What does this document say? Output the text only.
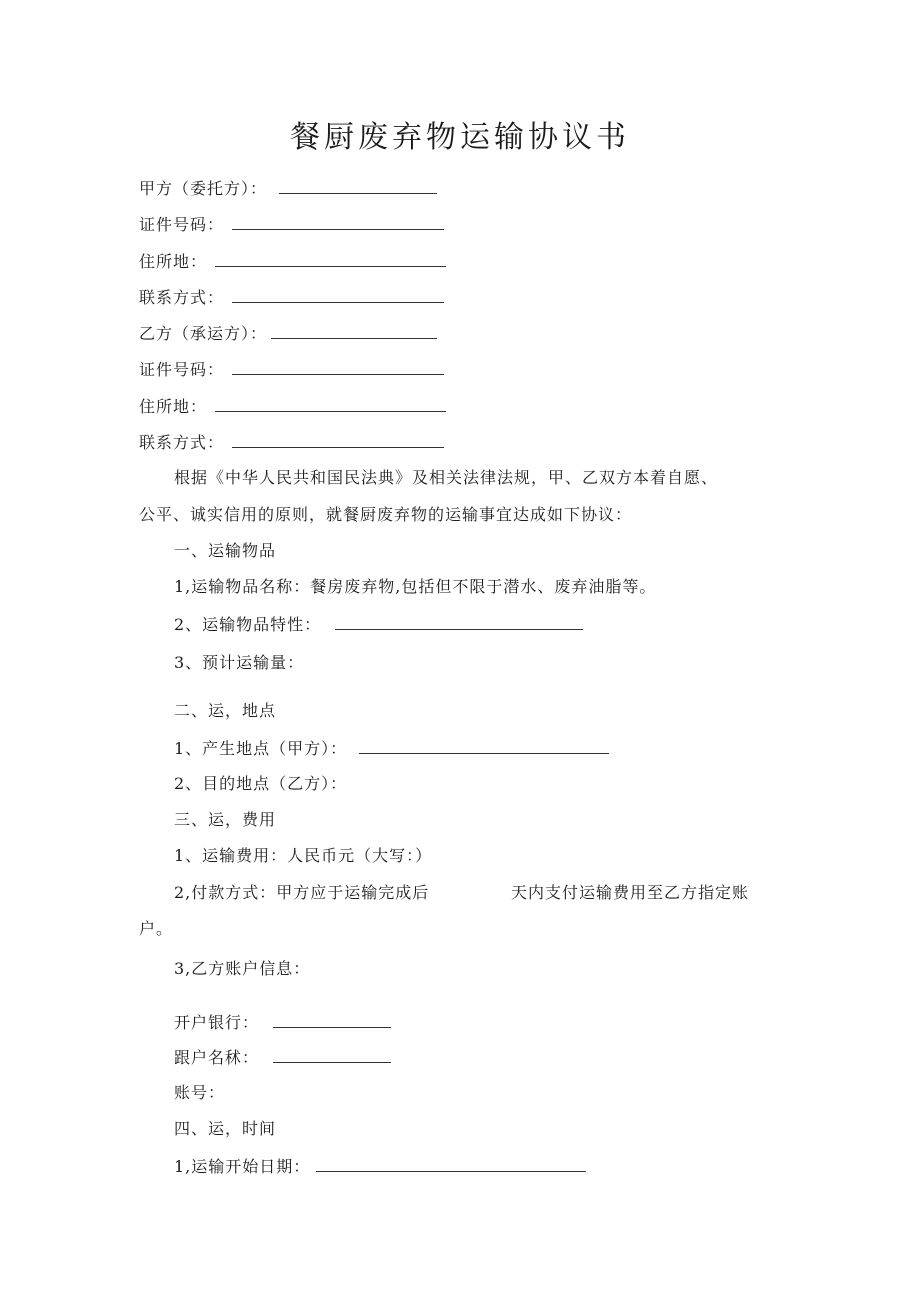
餐厨废弃物运输协议书
甲方（委托方）：
证件号码：
住所地：
联系方式：
乙方（承运方）：
证件号码：
住所地：
联系方式：
根据《中华人民共和国民法典》及相关法律法规，甲、乙双方本着自愿、
公平、诚实信用的原则，就餐厨废弃物的运输事宜达成如下协议：
一、运输物品
1,运输物品名称：餐房废弃物,包括但不限于潜水、废弃油脂等。
2、运输物品特性：
3、预计运输量：
二、运，地点
1、产生地点（甲方）：
2、目的地点（乙方）：
三、运，费用
1、运输费用：人民币元（大写：）
2,付款方式：甲方应于运输完成后	天内支付运输费用至乙方指定账
户。
3,乙方账户信息：
开户银行：
跟户名秫：
账号：
四、运，时间
1,运输开始日期：
